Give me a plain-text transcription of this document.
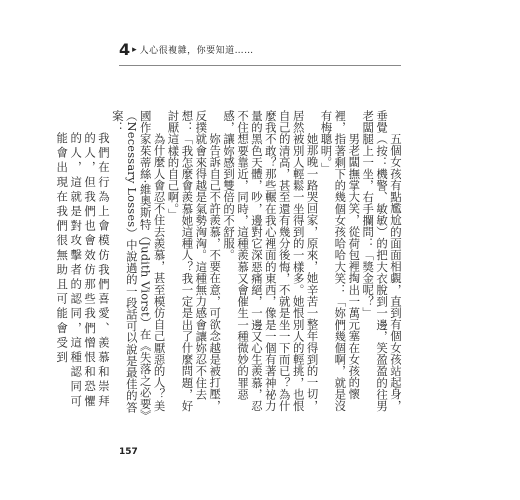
4 ▸ 人心很複雜，你要知道……

五個女孩有點尷尬的面面相覷，直到有個女孩站起身，垂覺（按：機警、敏敏）的把大衣脫到一邊，笑盈盈的往男老闆腿上一坐，右手攔問：「獎金呢？」

男老闆撫掌大笑，從荷包裡掏出一萬元塞在女孩的懷裡，指著剩下的幾個女孩哈哈大笑：「妳們幾個啊，就是沒有梅聰明。」

她那晚一路哭回家，原來，她辛苦一整年得到的一切，居然被別人輕鬆一坐得到的一樣多。她恨別人的輕挑，也恨自己的清高，甚至還有幾分後悔，不就是坐一下而已？為什麼我不敢？那些輾在我心裡面的東西，像是一個有著神祕力量的黑色天體，吵，邊對它深惡痛絕，一邊又心生羨慕，忍不住想要靠近，同時，這種羨慕又會催生一種微妙的罪惡感，讓妳感到雙倍的不舒服。

妳告訴自己不許羨慕，不要在意，可欲念越是被打壓，反撲就會來得越是氣勢洶洶。這種無力感會讓妳忍不住去想：「我怎麼會羨慕她這種人？我一定是出了什麼問題，好討厭這樣的自己啊。」

為什麼人會忍不住去羨慕，甚至模仿自己厭惡的人？美國作家茱蒂絲·維奧斯特（Judith Viorst）在《失落之必要》（Necessary Losses）中說過的一段話可以說是最佳的答案：

我們在行為上會模仿我們喜愛、羨慕和崇拜的人，但我們也會效仿那些我們憎恨和恐懼的人，這就是對攻擊者的認同，這種認同可能會出現在我們很無助且可能會受到

157
